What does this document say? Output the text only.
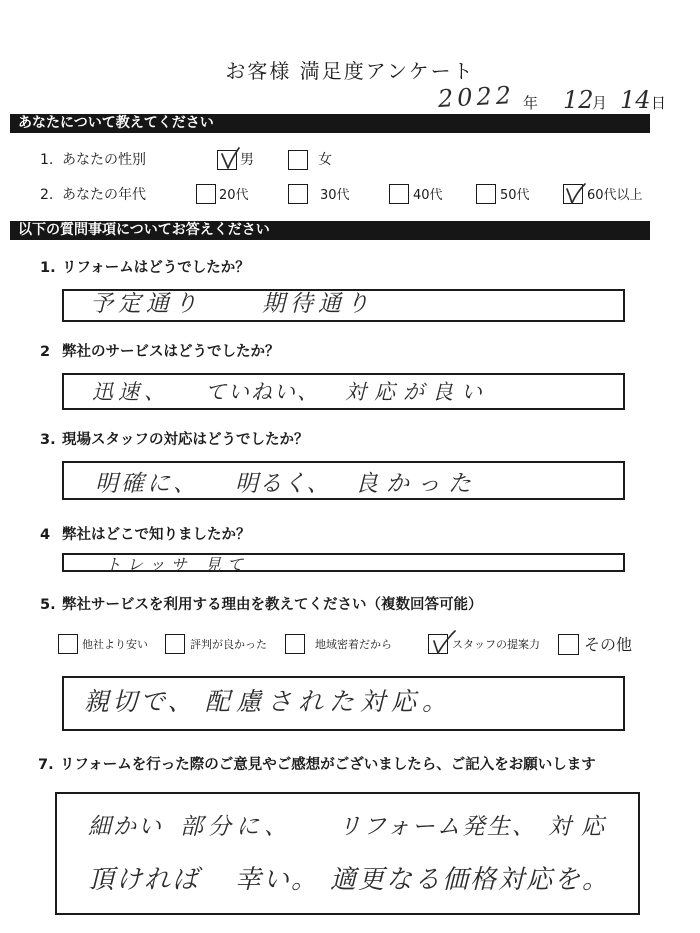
お客様 満足度アンケート
2022 年 12
月 14 日
あなたについて教えてください
1. あなたの性別	男	女
2. あなたの年代	20代	30代	40代	50代	60代以上
以下の質問事項についてお答えください
1. リフォームはどうでしたか？
予定通り	期待通り
2 弊社のサービスはどうでしたか？
迅速、 ていねい、 対応が良い
3. 現場スタッフの対応はどうでしたか？
明確に、 明るく、 良かった
4 弊社はどこで知りましたか？
トレッサ 見て
5. 弊社サービスを利用する理由を教えてください（複数回答可能）
他社より安い	評判が良かった	地域密着だから	スタッフの提案力	その他
親切で、 配慮された対応。
7. リフォームを行った際のご意見やご感想がございましたら、ご記入をお願いします
細かい 部分に、 リフォーム発生、 対応
頂ければ 幸い。 適更なる価格対応を。
